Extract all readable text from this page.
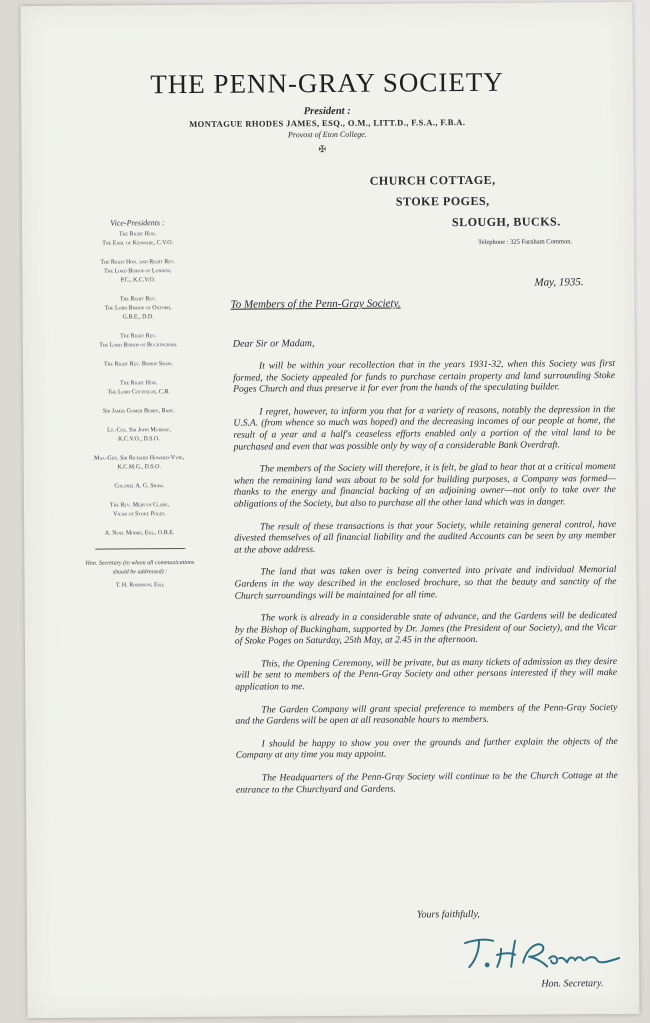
THE PENN-GRAY SOCIETY
President :
MONTAGUE RHODES JAMES, ESQ., O.M., LITT.D., F.S.A., F.B.A.
Provost of Eton College.
✠
CHURCH COTTAGE,
STOKE POGES,
SLOUGH, BUCKS.
Telephone : 325 Farnham Common.
Vice-Presidents :
The Right Hon.
The Earl of Kenmare, C.V.O.
The Right Hon. and Right Rev.
The Lord Bishop of London,
P.C., K.C.V.O.
The Right Rev.
The Lord Bishop of Oxford,
G.B.E., D.D.
The Right Rev.
The Lord Bishop of Buckingham.
The Right Rev. Bishop Shaw.
The Right Hon.
The Lord Cottesloe, C.B.
Sir James Gomer Berry, Bart.
Lt.-Col. Sir John Murray,
K.C.V.O., D.S.O.
Maj.-Gen. Sir Richard Howard-Vyse,
K.C.M.G., D.S.O.
Colonel A. G. Shaw.
The Rev. Mervyn Clare,
Vicar of Stoke Poges.
A. Noel Mobbs, Esq., O.B.E.
Hon. Secretary (to whom all communications
should be addressed) :
T. H. Robinson, Esq.
May, 1935.
To Members of the Penn-Gray Society.
Dear Sir or Madam,

It will be within your recollection that in the years 1931-32, when this Society was first formed, the Society appealed for funds to purchase certain property and land surrounding Stoke Poges Church and thus preserve it for ever from the hands of the speculating builder.

I regret, however, to inform you that for a variety of reasons, notably the depression in the U.S.A. (from whence so much was hoped) and the decreasing incomes of our people at home, the result of a year and a half's ceaseless efforts enabled only a portion of the vital land to be purchased and even that was possible only by way of a considerable Bank Overdraft.

The members of the Society will therefore, it is felt, be glad to hear that at a critical moment when the remaining land was about to be sold for building purposes, a Company was formed—thanks to the energy and financial backing of an adjoining owner—not only to take over the obligations of the Society, but also to purchase all the other land which was in danger.

The result of these transactions is that your Society, while retaining general control, have divested themselves of all financial liability and the audited Accounts can be seen by any member at the above address.

The land that was taken over is being converted into private and individual Memorial Gardens in the way described in the enclosed brochure, so that the beauty and sanctity of the Church surroundings will be maintained for all time.

The work is already in a considerable state of advance, and the Gardens will be dedicated by the Bishop of Buckingham, supported by Dr. James (the President of our Society), and the Vicar of Stoke Poges on Saturday, 25th May, at 2.45 in the afternoon.

This, the Opening Ceremony, will be private, but as many tickets of admission as they desire will be sent to members of the Penn-Gray Society and other persons interested if they will make application to me.

The Garden Company will grant special preference to members of the Penn-Gray Society and the Gardens will be open at all reasonable hours to members.

I should be happy to show you over the grounds and further explain the objects of the Company at any time you may appoint.

The Headquarters of the Penn-Gray Society will continue to be the Church Cottage at the entrance to the Churchyard and Gardens.

Yours faithfully,
Hon. Secretary.
